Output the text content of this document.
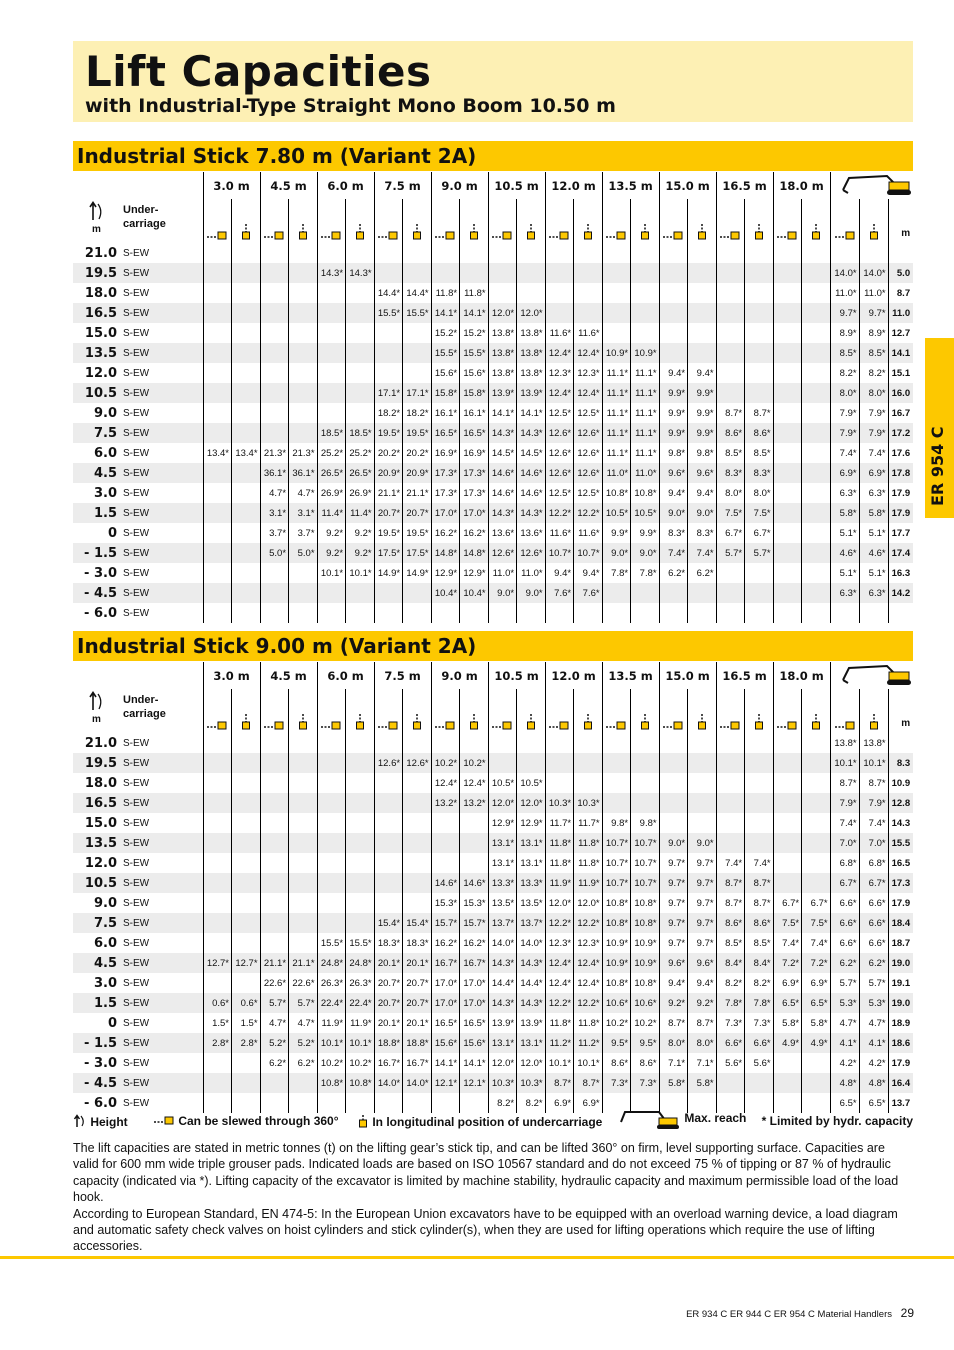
Lift Capacities
with Industrial-Type Straight Mono Boom 10.50 m
ER 954 C
Industrial Stick 7.80 m (Variant 2A)
		3.0 m		4.5 m		6.0 m		7.5 m		9.0 m		10.5 m		12.0 m		13.5 m		15.0 m		16.5 m		18.0 m	

m	Under-
carriage																									m
21.0	S-EW																									
19.5	S-EW					14.3*	14.3*																	14.0*	14.0*	5.0
18.0	S-EW							14.4*	14.4*	11.8*	11.8*													11.0*	11.0*	8.7
16.5	S-EW							15.5*	15.5*	14.1*	14.1*	12.0*	12.0*											9.7*	9.7*	11.0
15.0	S-EW									15.2*	15.2*	13.8*	13.8*	11.6*	11.6*									8.9*	8.9*	12.7
13.5	S-EW									15.5*	15.5*	13.8*	13.8*	12.4*	12.4*	10.9*	10.9*							8.5*	8.5*	14.1
12.0	S-EW									15.6*	15.6*	13.8*	13.8*	12.3*	12.3*	11.1*	11.1*	9.4*	9.4*					8.2*	8.2*	15.1
10.5	S-EW							17.1*	17.1*	15.8*	15.8*	13.9*	13.9*	12.4*	12.4*	11.1*	11.1*	9.9*	9.9*					8.0*	8.0*	16.0
9.0	S-EW							18.2*	18.2*	16.1*	16.1*	14.1*	14.1*	12.5*	12.5*	11.1*	11.1*	9.9*	9.9*	8.7*	8.7*			7.9*	7.9*	16.7
7.5	S-EW					18.5*	18.5*	19.5*	19.5*	16.5*	16.5*	14.3*	14.3*	12.6*	12.6*	11.1*	11.1*	9.9*	9.9*	8.6*	8.6*			7.9*	7.9*	17.2
6.0	S-EW	13.4*	13.4*	21.3*	21.3*	25.2*	25.2*	20.2*	20.2*	16.9*	16.9*	14.5*	14.5*	12.6*	12.6*	11.1*	11.1*	9.8*	9.8*	8.5*	8.5*			7.4*	7.4*	17.6
4.5	S-EW			36.1*	36.1*	26.5*	26.5*	20.9*	20.9*	17.3*	17.3*	14.6*	14.6*	12.6*	12.6*	11.0*	11.0*	9.6*	9.6*	8.3*	8.3*			6.9*	6.9*	17.8
3.0	S-EW			4.7*	4.7*	26.9*	26.9*	21.1*	21.1*	17.3*	17.3*	14.6*	14.6*	12.5*	12.5*	10.8*	10.8*	9.4*	9.4*	8.0*	8.0*			6.3*	6.3*	17.9
1.5	S-EW			3.1*	3.1*	11.4*	11.4*	20.7*	20.7*	17.0*	17.0*	14.3*	14.3*	12.2*	12.2*	10.5*	10.5*	9.0*	9.0*	7.5*	7.5*			5.8*	5.8*	17.9
0	S-EW			3.7*	3.7*	9.2*	9.2*	19.5*	19.5*	16.2*	16.2*	13.6*	13.6*	11.6*	11.6*	9.9*	9.9*	8.3*	8.3*	6.7*	6.7*			5.1*	5.1*	17.7
- 1.5	S-EW			5.0*	5.0*	9.2*	9.2*	17.5*	17.5*	14.8*	14.8*	12.6*	12.6*	10.7*	10.7*	9.0*	9.0*	7.4*	7.4*	5.7*	5.7*			4.6*	4.6*	17.4
- 3.0	S-EW					10.1*	10.1*	14.9*	14.9*	12.9*	12.9*	11.0*	11.0*	9.4*	9.4*	7.8*	7.8*	6.2*	6.2*					5.1*	5.1*	16.3
- 4.5	S-EW									10.4*	10.4*	9.0*	9.0*	7.6*	7.6*									6.3*	6.3*	14.2
- 6.0	S-EW																									
Industrial Stick 9.00 m (Variant 2A)
		3.0 m		4.5 m		6.0 m		7.5 m		9.0 m		10.5 m		12.0 m		13.5 m		15.0 m		16.5 m		18.0 m	

m	Under-
carriage																									m
21.0	S-EW																							13.8*	13.8*	
19.5	S-EW							12.6*	12.6*	10.2*	10.2*													10.1*	10.1*	8.3
18.0	S-EW									12.4*	12.4*	10.5*	10.5*											8.7*	8.7*	10.9
16.5	S-EW									13.2*	13.2*	12.0*	12.0*	10.3*	10.3*									7.9*	7.9*	12.8
15.0	S-EW											12.9*	12.9*	11.7*	11.7*	9.8*	9.8*							7.4*	7.4*	14.3
13.5	S-EW											13.1*	13.1*	11.8*	11.8*	10.7*	10.7*	9.0*	9.0*					7.0*	7.0*	15.5
12.0	S-EW											13.1*	13.1*	11.8*	11.8*	10.7*	10.7*	9.7*	9.7*	7.4*	7.4*			6.8*	6.8*	16.5
10.5	S-EW									14.6*	14.6*	13.3*	13.3*	11.9*	11.9*	10.7*	10.7*	9.7*	9.7*	8.7*	8.7*			6.7*	6.7*	17.3
9.0	S-EW									15.3*	15.3*	13.5*	13.5*	12.0*	12.0*	10.8*	10.8*	9.7*	9.7*	8.7*	8.7*	6.7*	6.7*	6.6*	6.6*	17.9
7.5	S-EW							15.4*	15.4*	15.7*	15.7*	13.7*	13.7*	12.2*	12.2*	10.8*	10.8*	9.7*	9.7*	8.6*	8.6*	7.5*	7.5*	6.6*	6.6*	18.4
6.0	S-EW					15.5*	15.5*	18.3*	18.3*	16.2*	16.2*	14.0*	14.0*	12.3*	12.3*	10.9*	10.9*	9.7*	9.7*	8.5*	8.5*	7.4*	7.4*	6.6*	6.6*	18.7
4.5	S-EW	12.7*	12.7*	21.1*	21.1*	24.8*	24.8*	20.1*	20.1*	16.7*	16.7*	14.3*	14.3*	12.4*	12.4*	10.9*	10.9*	9.6*	9.6*	8.4*	8.4*	7.2*	7.2*	6.2*	6.2*	19.0
3.0	S-EW			22.6*	22.6*	26.3*	26.3*	20.7*	20.7*	17.0*	17.0*	14.4*	14.4*	12.4*	12.4*	10.8*	10.8*	9.4*	9.4*	8.2*	8.2*	6.9*	6.9*	5.7*	5.7*	19.1
1.5	S-EW	0.6*	0.6*	5.7*	5.7*	22.4*	22.4*	20.7*	20.7*	17.0*	17.0*	14.3*	14.3*	12.2*	12.2*	10.6*	10.6*	9.2*	9.2*	7.8*	7.8*	6.5*	6.5*	5.3*	5.3*	19.0
0	S-EW	1.5*	1.5*	4.7*	4.7*	11.9*	11.9*	20.1*	20.1*	16.5*	16.5*	13.9*	13.9*	11.8*	11.8*	10.2*	10.2*	8.7*	8.7*	7.3*	7.3*	5.8*	5.8*	4.7*	4.7*	18.9
- 1.5	S-EW	2.8*	2.8*	5.2*	5.2*	10.1*	10.1*	18.8*	18.8*	15.6*	15.6*	13.1*	13.1*	11.2*	11.2*	9.5*	9.5*	8.0*	8.0*	6.6*	6.6*	4.9*	4.9*	4.1*	4.1*	18.6
- 3.0	S-EW			6.2*	6.2*	10.2*	10.2*	16.7*	16.7*	14.1*	14.1*	12.0*	12.0*	10.1*	10.1*	8.6*	8.6*	7.1*	7.1*	5.6*	5.6*			4.2*	4.2*	17.9
- 4.5	S-EW					10.8*	10.8*	14.0*	14.0*	12.1*	12.1*	10.3*	10.3*	8.7*	8.7*	7.3*	7.3*	5.8*	5.8*					4.8*	4.8*	16.4
- 6.0	S-EW											8.2*	8.2*	6.9*	6.9*									6.5*	6.5*	13.7
Height	Can be slewed through 360°	In longitudinal position of undercarriage	Max. reach * Limited by hydr. capacity

The lift capacities are stated in metric tonnes (t) on the lifting gear’s stick tip, and can be lifted 360° on firm, level supporting surface. Capacities are valid for 600 mm wide triple grouser pads. Indicated loads are based on ISO 10567 standard and do not exceed 75 % of tipping or 87 % of hydraulic capacity (indicated via *). Lifting capacity of the excavator is limited by machine stability, hydraulic capacity and maximum permissible load of the load hook.

According to European Standard, EN 474-5: In the European Union excavators have to be equipped with an overload warning device, a load diagram and automatic safety check valves on hoist cylinders and stick cylinder(s), when they are used for lifting operations which require the use of lifting accessories.

ER 934 C ER 944 C ER 954 C Material Handlers 29
